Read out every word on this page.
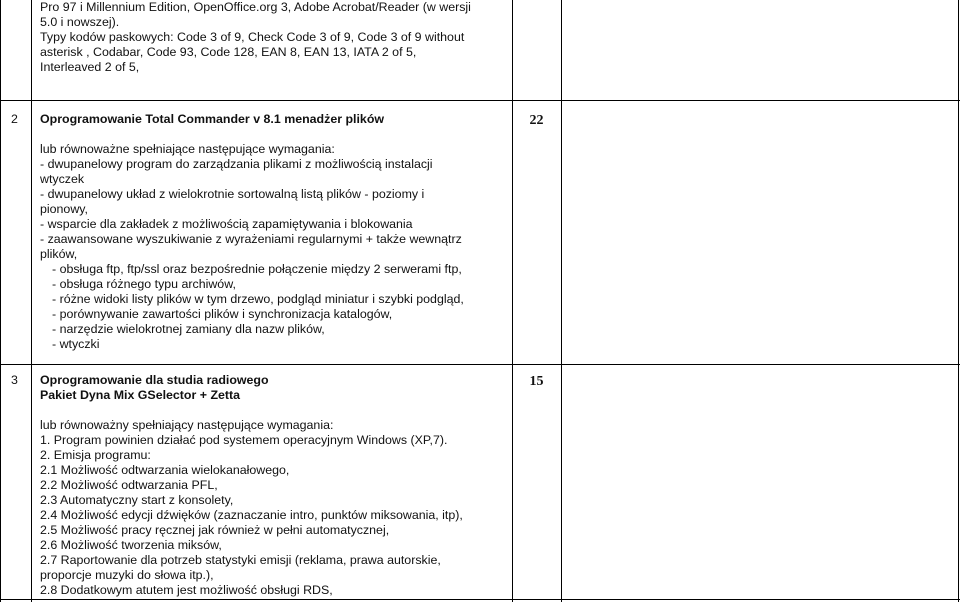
Pro 97 i Millennium Edition, OpenOffice.org 3, Adobe Acrobat/Reader (w wersji
5.0 i nowszej).
Typy kodów paskowych: Code 3 of 9, Check Code 3 of 9, Code 3 of 9 without
asterisk , Codabar, Code 93, Code 128, EAN 8, EAN 13, IATA 2 of 5,
Interleaved 2 of 5,
2 Oprogramowanie Total Commander v 8.1 menadżer plików	22
lub równoważne spełniające następujące wymagania:
- dwupanelowy program do zarządzania plikami z możliwością instalacji
wtyczek
- dwupanelowy układ z wielokrotnie sortowalną listą plików - poziomy i
pionowy,
- wsparcie dla zakładek z możliwością zapamiętywania i blokowania
- zaawansowane wyszukiwanie z wyrażeniami regularnymi + także wewnątrz
plików,
- obsługa ftp, ftp/ssl oraz bezpośrednie połączenie między 2 serwerami ftp,
- obsługa różnego typu archiwów,
- różne widoki listy plików w tym drzewo, podgląd miniatur i szybki podgląd,
- porównywanie zawartości plików i synchronizacja katalogów,
- narzędzie wielokrotnej zamiany dla nazw plików,
- wtyczki
3 Oprogramowanie dla studia radiowego
Pakiet Dyna Mix GSelector + Zetta
15
lub równoważny spełniający następujące wymagania:
1. Program powinien działać pod systemem operacyjnym Windows (XP,7).
2. Emisja programu:
2.1 Możliwość odtwarzania wielokanałowego,
2.2 Możliwość odtwarzania PFL,
2.3 Automatyczny start z konsolety,
2.4 Możliwość edycji dźwięków (zaznaczanie intro, punktów miksowania, itp),
2.5 Możliwość pracy ręcznej jak również w pełni automatycznej,
2.6 Możliwość tworzenia miksów,
2.7 Raportowanie dla potrzeb statystyki emisji (reklama, prawa autorskie,
proporcje muzyki do słowa itp.),
2.8 Dodatkowym atutem jest możliwość obsługi RDS,
